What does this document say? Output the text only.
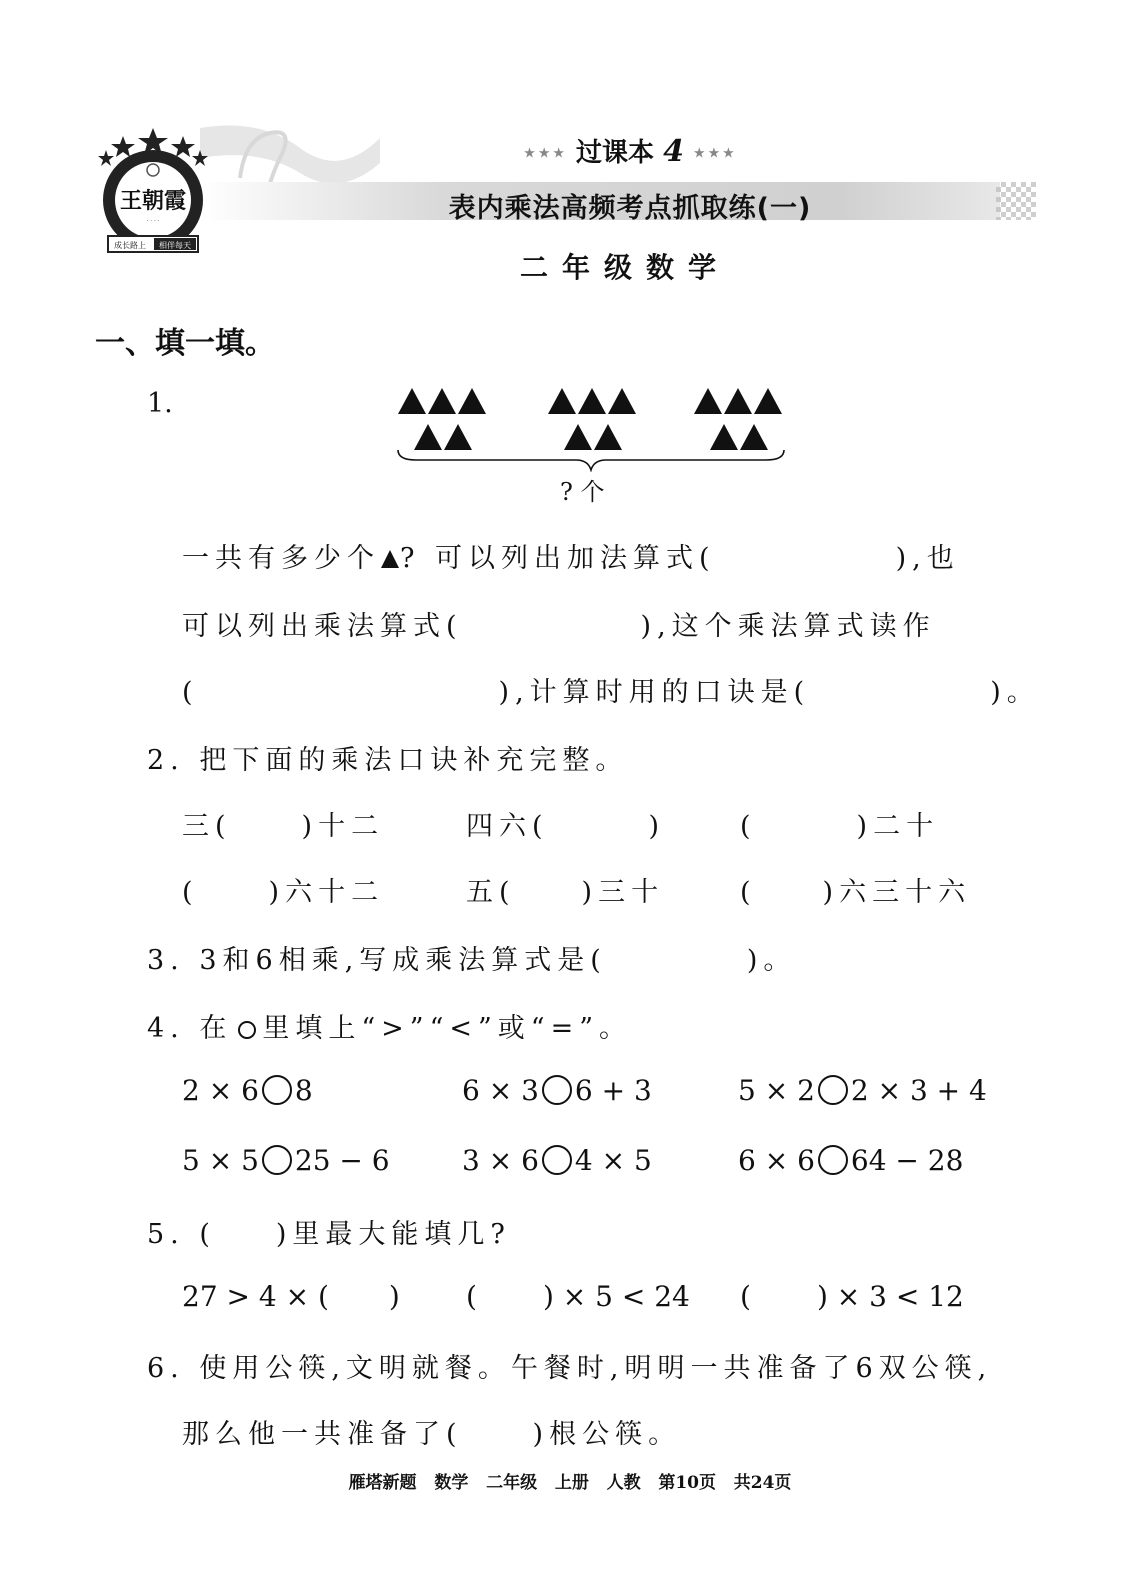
王朝霞
· · · ·
成长路上 相伴每天
★★★ 过课本 4 ★★★
表内乘法高频考点抓取练(一)
二年级数学
一、填一填。
1.
? 个
一共有多少个 ? 可以列出加法算式(	),也
可以列出乘法算式(	),这个乘法算式读作
(	),计算时用的口诀是(	)。
2. 把下面的乘法口诀补充完整。
三(	)十二	四六(	)	(	)二十
(	)六十二	五( )三十	( )六三十六
3. 3和6相乘,写成乘法算式是(	)。
4. 在 里填上“>”“<”或“=”。
2 × 6 8	6 × 3 6 + 3	5 × 2 2 × 3 + 4
5 × 5 25 − 6	3 × 6 4 × 5	6 × 6 64 − 28
5. ( )里最大能填几?
27 > 4 × ( ) ( ) × 5 < 24 ( ) × 3 < 12
6. 使用公筷,文明就餐。午餐时,明明一共准备了6双公筷,
那么他一共准备了(	)根公筷。
雁塔新题   数学   二年级   上册   人教   第10页   共24页
